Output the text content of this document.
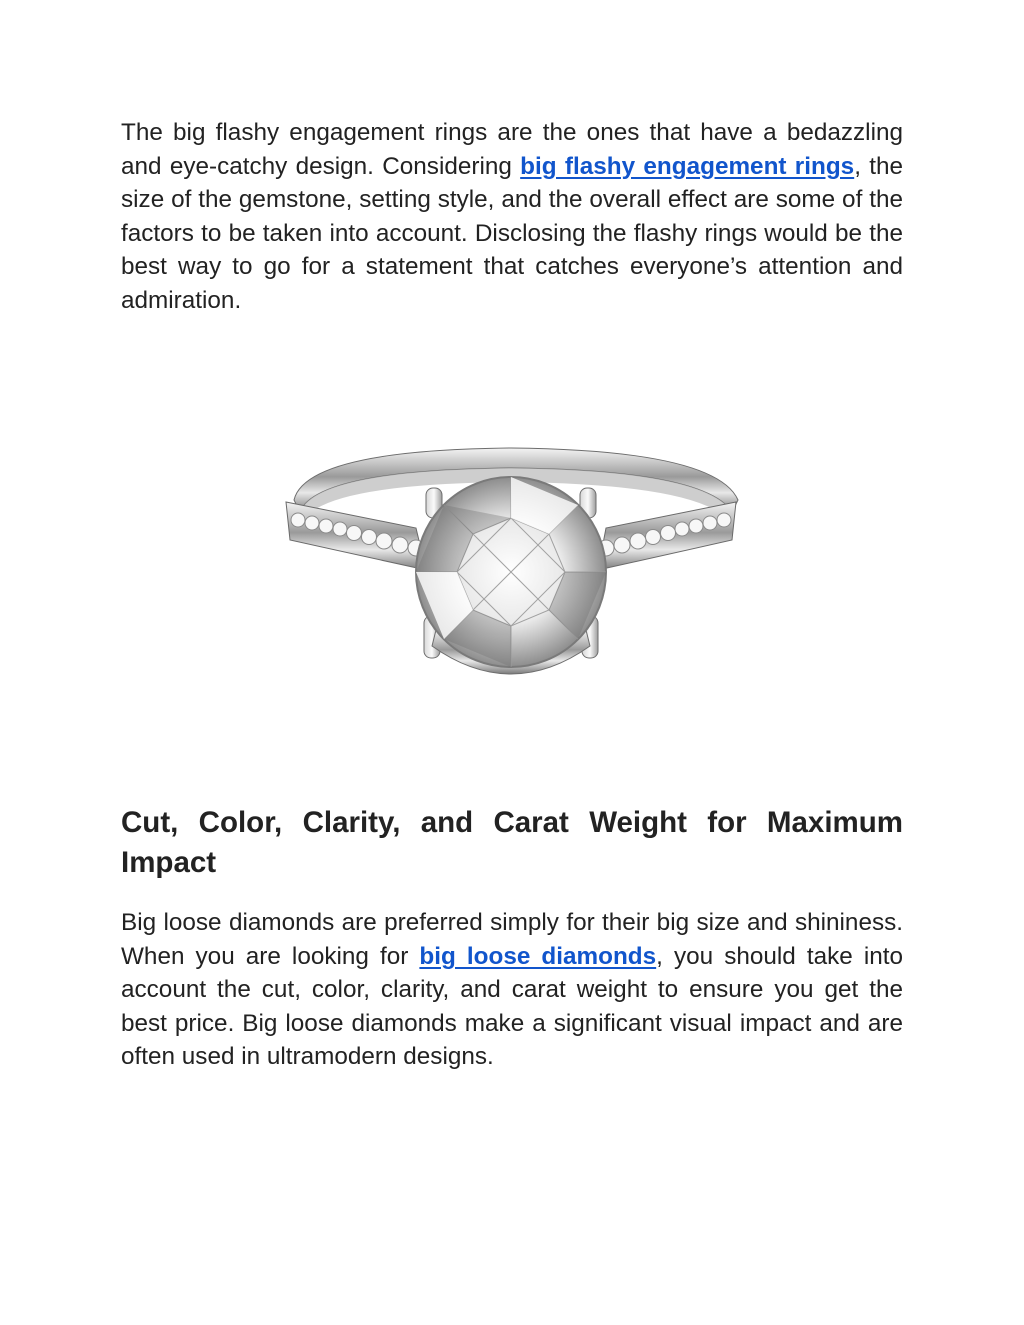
The big flashy engagement rings are the ones that have a bedazzling and eye-catchy design. Considering big flashy engagement rings, the size of the gemstone, setting style, and the overall effect are some of the factors to be taken into account. Disclosing the flashy rings would be the best way to go for a statement that catches everyone’s attention and admiration.

Cut, Color, Clarity, and Carat Weight for Maximum Impact

Big loose diamonds are preferred simply for their big size and shininess. When you are looking for big loose diamonds, you should take into account the cut, color, clarity, and carat weight to ensure you get the best price. Big loose diamonds make a significant visual impact and are often used in ultramodern designs.
